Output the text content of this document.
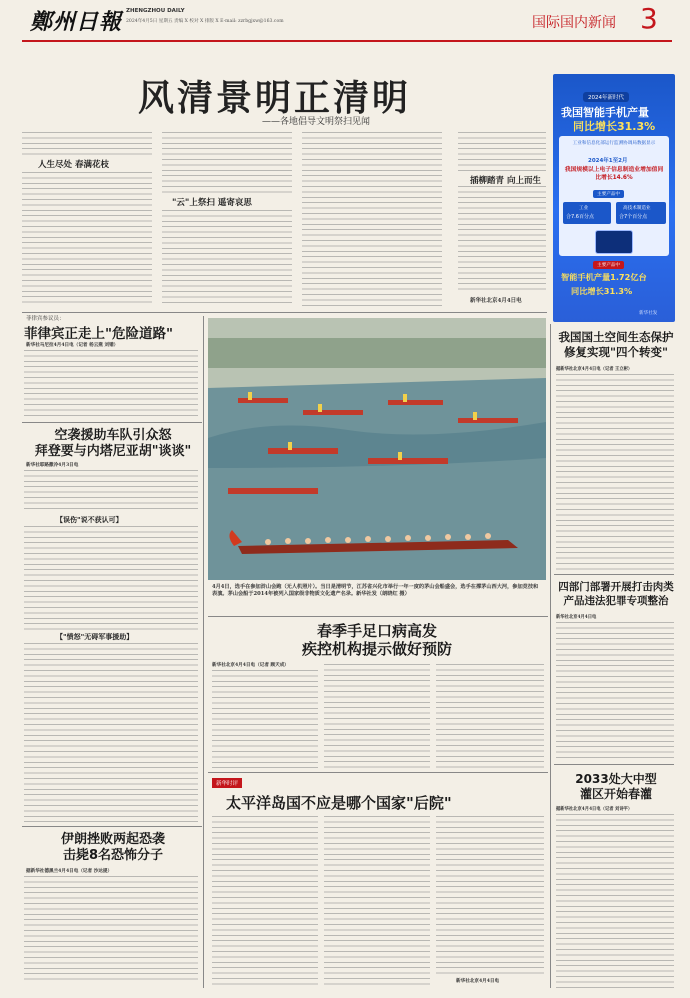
鄭州日報 ZHENGZHOU DAILY
2024年4月5日 星期五 责编 X 校对 X 排版 X E-mail: zzrbgjxw@163.com	国际国内新闻 3
风清景明正清明
——各地倡导文明祭扫见闻
人生尽处 春满花枝
"云"上祭扫 遥寄哀思
插柳踏青 向上而生
新华社北京4月4日电
2024年新时代
我国智能手机产量
同比增长31.3%
工业和信息化部运行监测协调局数据显示
2024年1至2月
我国规模以上电子信息制造业增加值同比增长14.6%
主要产品中
工业
合7.6百分点
高技术制造业
合7个百分点
主要产品中
智能手机产量1.72亿台
同比增长31.3%
新华社发
菲律宾参议员：
菲律宾正走上"危险道路"
新华社马尼拉4月4日电（记者 杨云燕 刘锴）
空袭援助车队引众怒
拜登要与内塔尼亚胡"谈谈"
新华社耶路撒冷4月3日电
【误伤"说不获认可】
【"愤怒"无碍军事援助】
伊朗挫败两起恐袭
击毙8名恐怖分子
据新华社德黑兰4月4日电（记者 沙达提）
4月4日，选手在参加浒山会跑（无人机照片）。当日是清明节，江苏省兴化市举行一年一度的茅山会船盛会，选手在撑茅山西大河，参加竞技和表演。茅山会船于2014年被列入国家级非物质文化遗产名录。新华社发（朗晓红 摄）
春季手足口病高发
疾控机构提示做好预防
新华社北京4月4日电（记者 顾天成）
新华时评
太平洋岛国不应是哪个国家"后院"
新华社北京4月4日电
我国国土空间生态保护
修复实现"四个转变"
据新华社北京4月4日电（记者 王立彬）
四部门部署开展打击肉类
产品违法犯罪专项整治
新华社北京4月4日电
2033处大中型
灌区开始春灌
据新华社北京4月4日电（记者 刘诗平）
